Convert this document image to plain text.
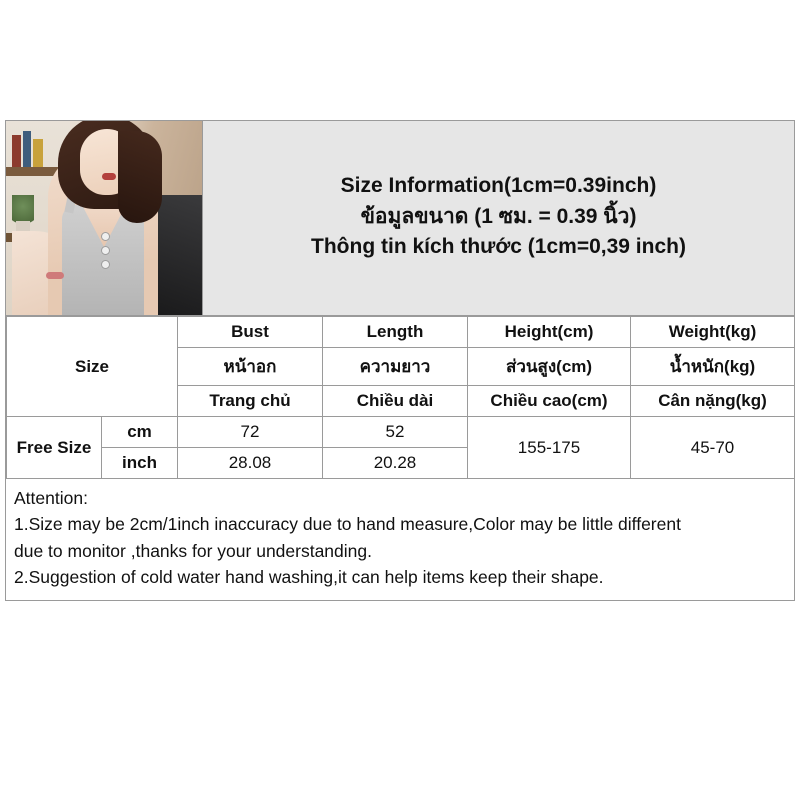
Size Information(1cm=0.39inch)
ข้อมูลขนาด (1 ซม. = 0.39 นิ้ว)
Thông tin kích thước (1cm=0,39 inch)
Size		Bust	Length	Height(cm)	Weight(kg)
		หน้าอก	ความยาว	ส่วนสูง(cm)	น้ำหนัก(kg)
		Trang chủ	Chiều dài	Chiều cao(cm)	Cân nặng(kg)
Free Size	cm	72	52	155-175	45-70
	inch	28.08	20.28		
Attention:
1.Size may be 2cm/1inch inaccuracy due to hand measure,Color may be little different
due to monitor ,thanks for your understanding.
2.Suggestion of cold water hand washing,it can help items keep their shape.
